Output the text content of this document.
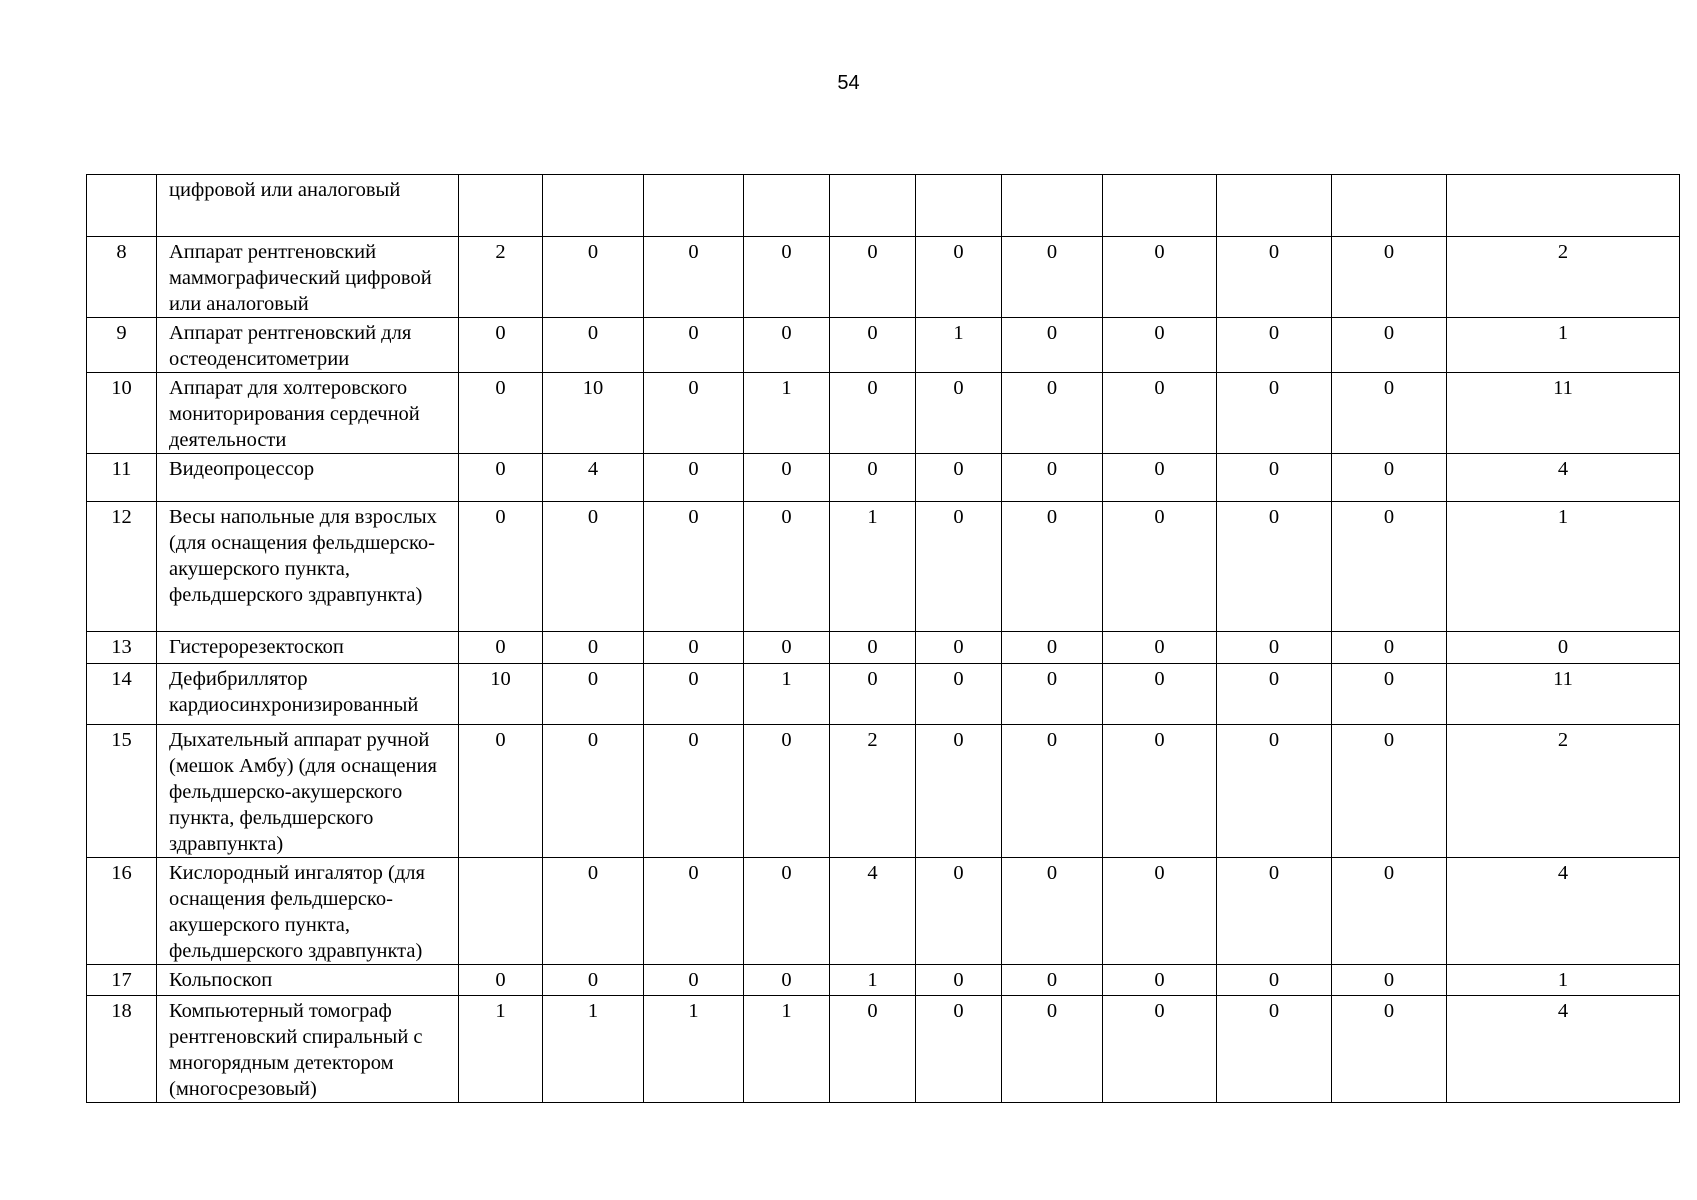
54
	цифровой или аналоговый											
8	Аппарат рентгеновский маммографический цифровой или аналоговый	2	0	0	0	0	0	0	0	0	0	2
9	Аппарат рентгеновский для остеоденситометрии	0	0	0	0	0	1	0	0	0	0	1
10	Аппарат для холтеровского мониторирования сердечной деятельности	0	10	0	1	0	0	0	0	0	0	11
11	Видеопроцессор	0	4	0	0	0	0	0	0	0	0	4
12	Весы напольные для взрослых (для оснащения фельдшерско-акушерского пункта, фельдшерского здравпункта)	0	0	0	0	1	0	0	0	0	0	1
13	Гистерорезектоскоп	0	0	0	0	0	0	0	0	0	0	0
14	Дефибриллятор кардиосинхронизированный	10	0	0	1	0	0	0	0	0	0	11
15	Дыхательный аппарат ручной (мешок Амбу) (для оснащения фельдшерско-акушерского пункта, фельдшерского здравпункта)	0	0	0	0	2	0	0	0	0	0	2
16	Кислородный ингалятор (для оснащения фельдшерско-акушерского пункта, фельдшерского здравпункта)		0	0	0	4	0	0	0	0	0	4
17	Кольпоскоп	0	0	0	0	1	0	0	0	0	0	1
18	Компьютерный томограф рентгеновский спиральный с многорядным детектором (многосрезовый)	1	1	1	1	0	0	0	0	0	0	4
